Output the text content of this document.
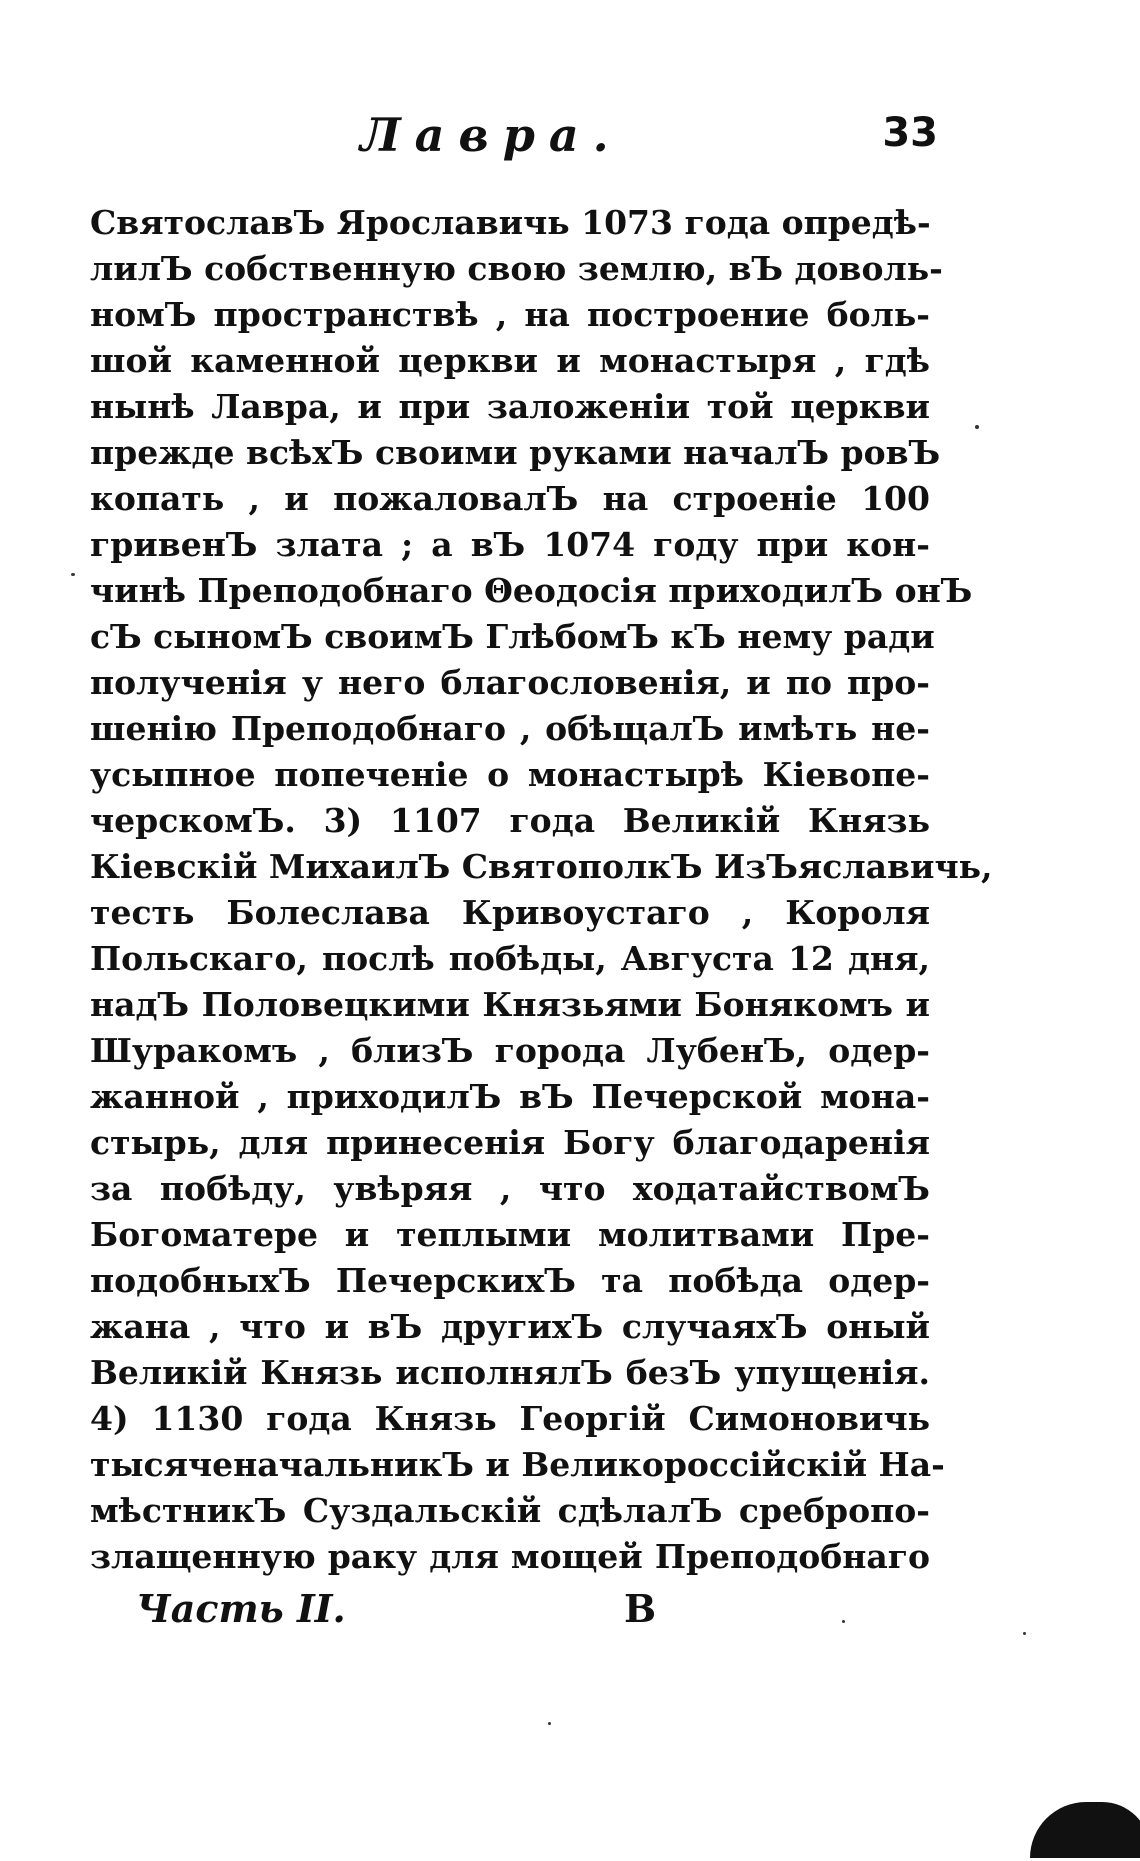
Лавра.	33
СвятославЪ Ярославичь 1073 года опредѣ-
лилЪ собственную свою землю, вЪ доволь-
номЪ пространствѣ , на построение боль-
шой каменной церкви и монастыря , гдѣ
нынѣ Лавра, и при заложенiи той церкви
прежде всѣхЪ своими руками началЪ ровЪ
копать , и пожаловалЪ на строенiе 100
гривенЪ злата ; а вЪ 1074 году при кон-
чинѣ Преподобнаго Θеодосiя приходилЪ онЪ
сЪ сыномЪ своимЪ ГлѣбомЪ кЪ нему ради
полученiя у него благословенiя, и по про-
шенiю Преподобнаго , обѣщалЪ имѣть не-
усыпное попеченiе о монастырѣ Кiевопе-
черскомЪ. 3) 1107 года Великiй Князь
Кiевскiй МихаилЪ СвятополкЪ ИзЪяславичь,
тесть Болеслава Кривоустаго , Короля
Польскаго, послѣ побѣды, Августа 12 дня,
надЪ Половецкими Князьями Бонякомъ и
Шуракомъ , близЪ города ЛубенЪ, одер-
жанной , приходилЪ вЪ Печерской мона-
стырь, для принесенiя Богу благодаренiя
за побѣду, увѣряя , что ходатайствомЪ
Богоматере и теплыми молитвами Пре-
подобныхЪ ПечерскихЪ та побѣда одер-
жана , что и вЪ другихЪ случаяхЪ оный
Великiй Князь исполнялЪ безЪ упущенiя.
4) 1130 года Князь Георгiй Симоновичь
тысяченачальникЪ и Великороссiйскiй На-
мѣстникЪ Суздальскiй сдѣлалЪ сребропо-
злащенную раку для мощей Преподобнаго
Часть II.	В
